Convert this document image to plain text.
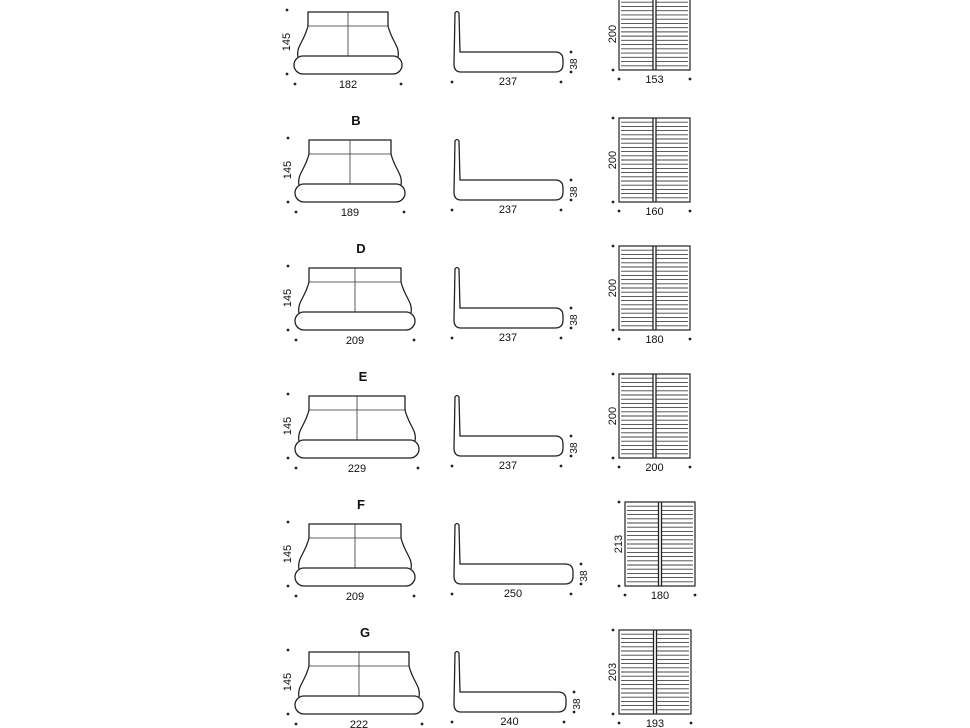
145
182	237
38
200
153
B
145
189	237
38
200
160
D
145
209	237
38
200
180
E
145
229	237
38
200
200
F
145
209	250
38
213
180
G
145
222	240
38
203
193
